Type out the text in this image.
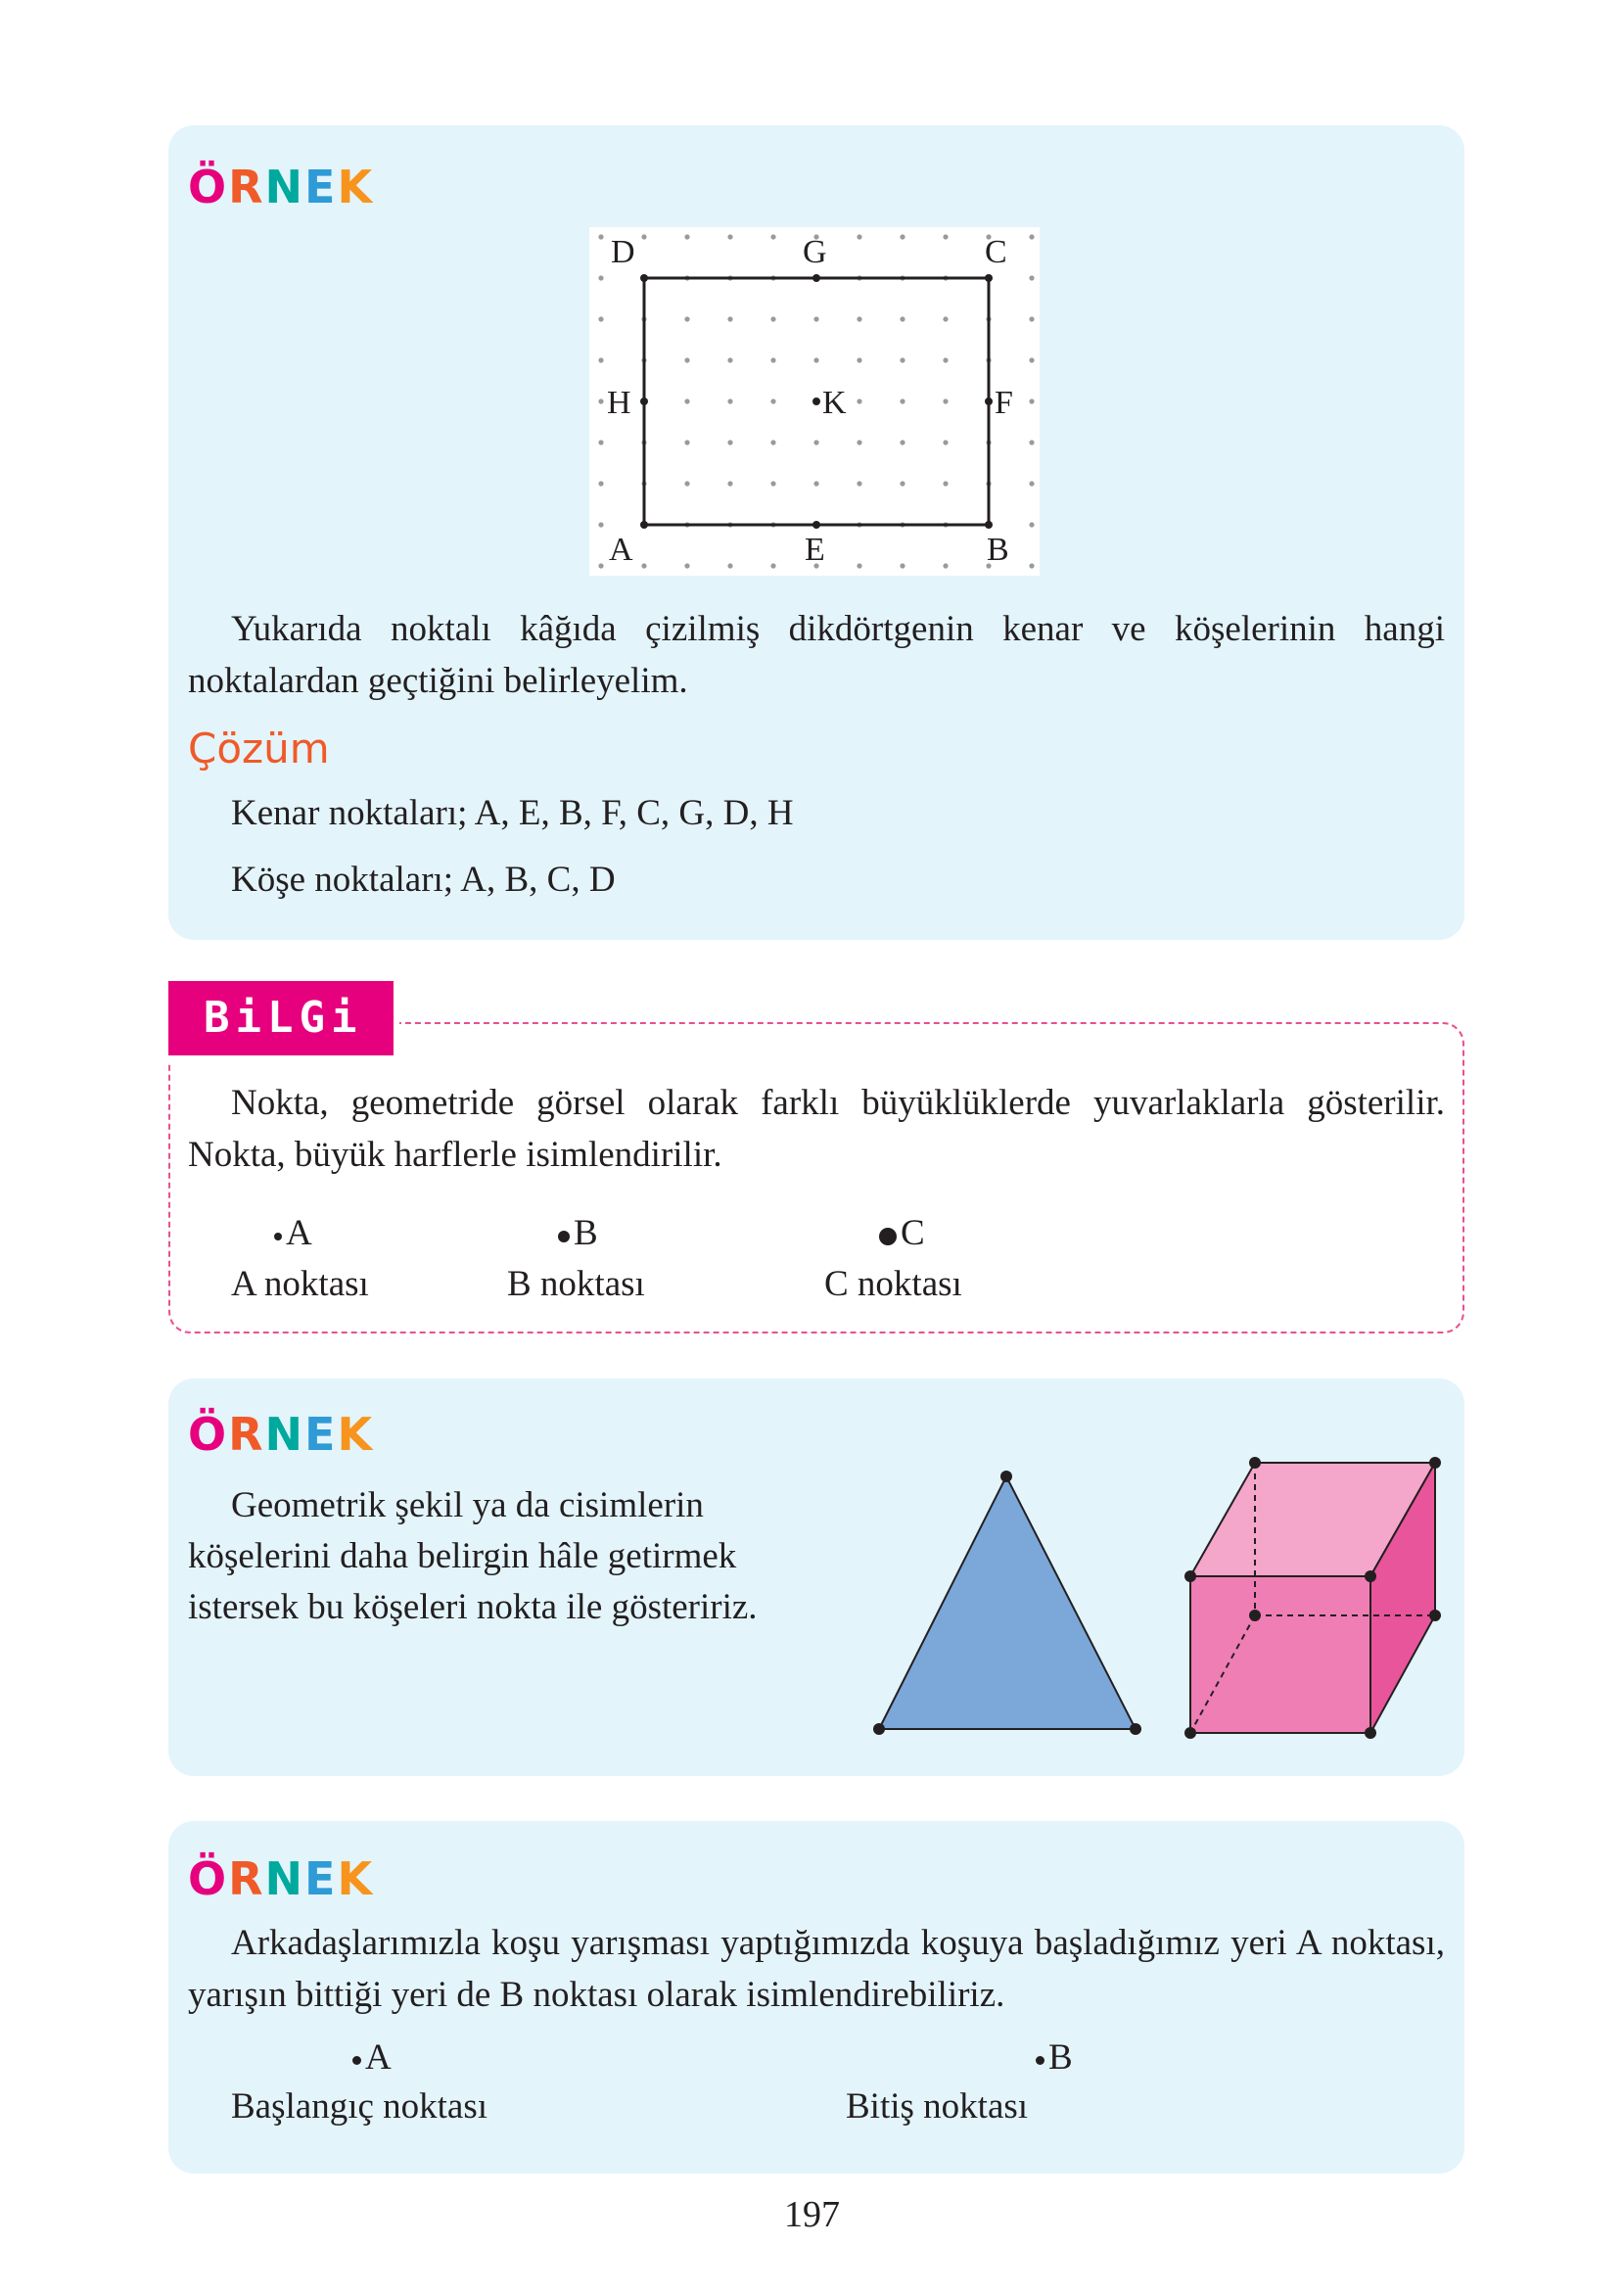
ÖRNEK
D	G	C
H	K	F
A	E	B
Yukarıda noktalı kâğıda çizilmiş dikdörtgenin kenar ve köşelerinin hangi noktalardan geçtiğini belirleyelim.
Çözüm
Kenar noktaları; A, E, B, F, C, G, D, H
Köşe noktaları; A, B, C, D
BiLGi
Nokta, geometride görsel olarak farklı büyüklüklerde yuvarlaklarla gösterilir. Nokta, büyük harflerle isimlendirilir.
A
A noktası
B
B noktası
C
C noktası
ÖRNEK
Geometrik şekil ya da cisimlerin köşelerini daha belirgin hâle getirmek istersek bu köşeleri nokta ile gösteririz.
ÖRNEK
Arkadaşlarımızla koşu yarışması yaptığımızda koşuya başladığımız yeri A noktası, yarışın bittiği yeri de B noktası olarak isimlendirebiliriz.
A
Başlangıç noktası
B
Bitiş noktası
197
